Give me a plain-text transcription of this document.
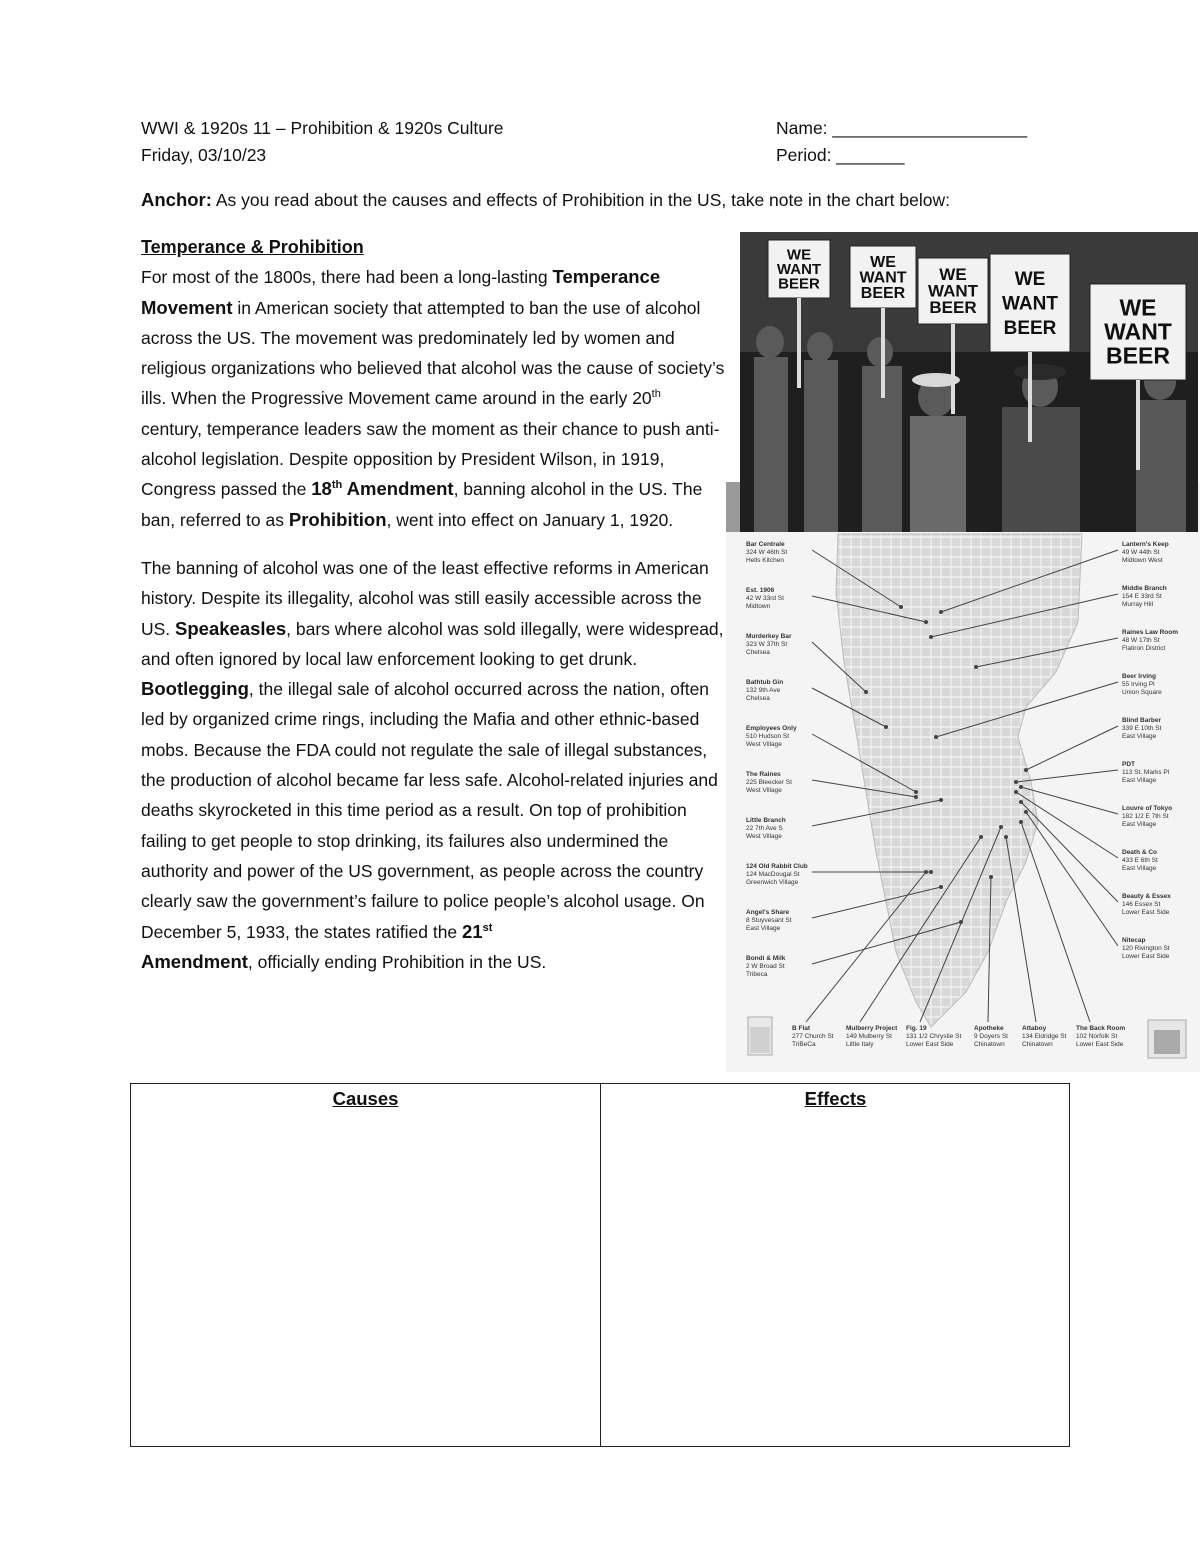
WWI & 1920s 11 – Prohibition & 1920s Culture
Friday, 03/10/23
Name: ____________________
Period: _______
Anchor: As you read about the causes and effects of Prohibition in the US, take note in the chart below:
Temperance & Prohibition

For most of the 1800s, there had been a long-lasting Temperance Movement in American society that attempted to ban the use of alcohol across the US. The movement was predominately led by women and religious organizations who believed that alcohol was the cause of society’s ills. When the Progressive Movement came around in the early 20th century, temperance leaders saw the moment as their chance to push anti-alcohol legislation. Despite opposition by President Wilson, in 1919, Congress passed the 18th Amendment, banning alcohol in the US. The ban, referred to as Prohibition, went into effect on January 1, 1920.

The banning of alcohol was one of the least effective reforms in American history. Despite its illegality, alcohol was still easily accessible across the US. Speakeasles, bars where alcohol was sold illegally, were widespread, and often ignored by local law enforcement looking to get drunk. Bootlegging, the illegal sale of alcohol occurred across the nation, often led by organized crime rings, including the Mafia and other ethnic-based mobs. Because the FDA could not regulate the sale of illegal substances, the production of alcohol became far less safe. Alcohol-related injuries and deaths skyrocketed in this time period as a result. On top of prohibition failing to get people to stop drinking, its failures also undermined the authority and power of the US government, as people across the country clearly saw the government’s failure to police people’s alcohol usage. On December 5, 1933, the states ratified the 21st
Amendment, officially ending Prohibition in the US.

Bar Centrale 324 W 46th St Hells Kitchen
Est. 1906 42 W 33rd St Midtown
Murderkey Bar 323 W 37th St Chelsea
Bathtub Gin 132 9th Ave Chelsea
Employees Only 510 Hudson St West Village
The Raines 225 Bleecker St West Village
Little Branch 22 7th Ave S West Village
124 Old Rabbit Club 124 MacDougal St Greenwich Village
Angel's Share 8 Stuyvesant St East Village
Bondi & Milk 2 W Broad St Tribeca
Lantern's Keep 49 W 44th St Midtown West
Middle Branch 154 E 33rd St Murray Hill
Raines Law Room 48 W 17th St Flatiron District
Beer Irving 55 Irving Pl Union Square
Blind Barber 339 E 10th St East Village
PDT 113 St. Marks Pl East Village
Louvre of Tokyo 182 1/2 E 7th St East Village
Death & Co 433 E 6th St East Village
Beauty & Essex 146 Essex St Lower East Side
Nitecap 120 Rivington St Lower East Side
B Flat 277 Church St TriBeCa
Mulberry Project 149 Mulberry St Little Italy
Fig. 19 131 1/2 Chrystie St Lower East Side
Apotheke 9 Doyers St Chinatown
Attaboy 134 Eldridge St Chinatown
The Back Room 102 Norfolk St Lower East Side
WE
WANT
BEER
WE
WANT
BEER
WE
WANT
BEER
WE
WANT
BEER
WE
WANT
BEER
Causes	Effects
